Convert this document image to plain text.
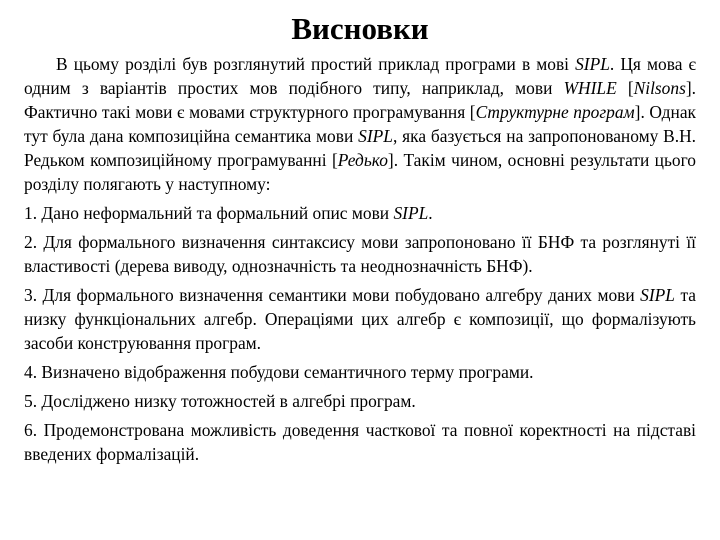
Висновки

В цьому розділі був розглянутий простий приклад програми в мові SIPL. Ця мова є одним з варіантів простих мов подібного типу, наприклад, мови WHILE [Nilsons]. Фактично такі мови є мовами структурного програмування [Структурне програм]. Однак тут була дана композиційна семантика мови SIPL, яка базується на запропонованому В.Н. Редьком композиційному програмуванні [Редько]. Такім чином, основні результати цього розділу полягають у наступному:

1. Дано неформальний та формальний опис мови SIPL.

2. Для формального визначення синтаксису мови запропоновано її БНФ та розглянуті її властивості (дерева виводу, однозначність та неоднозначність БНФ).

3. Для формального визначення семантики мови побудовано алгебру даних мови SIPL та низку функціональних алгебр. Операціями цих алгебр є композиції, що формалізують засоби конструювання програм.

4. Визначено відображення побудови семантичного терму програми.

5. Досліджено низку тотожностей в алгебрі програм.

6. Продемонстрована можливість доведення часткової та повної коректності на підставі введених формалізацій.
